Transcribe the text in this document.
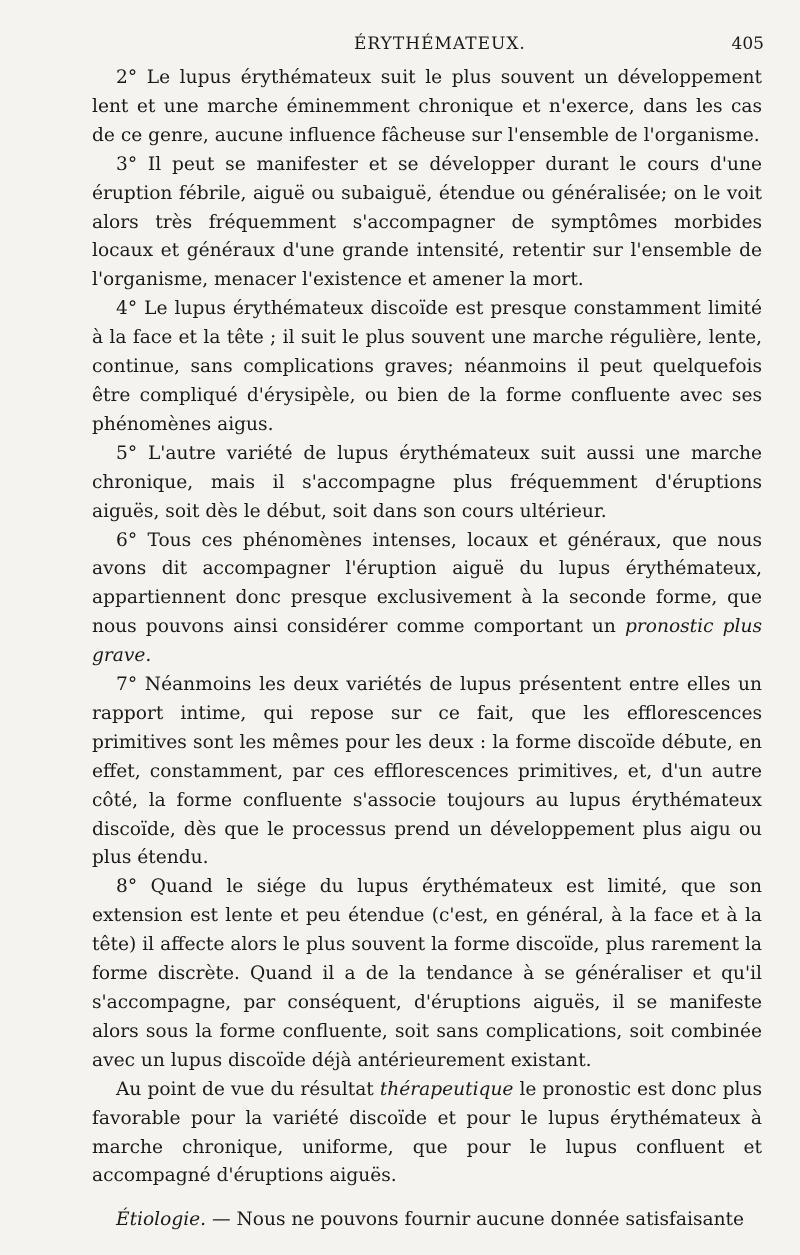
ÉRYTHÉMATEUX.	405

2° Le lupus érythémateux suit le plus souvent un développement lent et une marche éminemment chronique et n'exerce, dans les cas de ce genre, aucune influence fâcheuse sur l'ensemble de l'organisme.

3° Il peut se manifester et se développer durant le cours d'une éruption fébrile, aiguë ou subaiguë, étendue ou généralisée; on le voit alors très fréquemment s'accompagner de symptômes morbides locaux et généraux d'une grande intensité, retentir sur l'ensemble de l'organisme, menacer l'existence et amener la mort.

4° Le lupus érythémateux discoïde est presque constamment limité à la face et la tête ; il suit le plus souvent une marche régulière, lente, continue, sans complications graves; néanmoins il peut quelquefois être compliqué d'érysipèle, ou bien de la forme confluente avec ses phénomènes aigus.

5° L'autre variété de lupus érythémateux suit aussi une marche chronique, mais il s'accompagne plus fréquemment d'éruptions aiguës, soit dès le début, soit dans son cours ultérieur.

6° Tous ces phénomènes intenses, locaux et généraux, que nous avons dit accompagner l'éruption aiguë du lupus érythémateux, appartiennent donc presque exclusivement à la seconde forme, que nous pouvons ainsi considérer comme comportant un pronostic plus grave.

7° Néanmoins les deux variétés de lupus présentent entre elles un rapport intime, qui repose sur ce fait, que les efflorescences primitives sont les mêmes pour les deux : la forme discoïde débute, en effet, constamment, par ces efflorescences primitives, et, d'un autre côté, la forme confluente s'associe toujours au lupus érythémateux discoïde, dès que le processus prend un développement plus aigu ou plus étendu.

8° Quand le siége du lupus érythémateux est limité, que son extension est lente et peu étendue (c'est, en général, à la face et à la tête) il affecte alors le plus souvent la forme discoïde, plus rarement la forme discrète. Quand il a de la tendance à se généraliser et qu'il s'accompagne, par conséquent, d'éruptions aiguës, il se manifeste alors sous la forme confluente, soit sans complications, soit combinée avec un lupus discoïde déjà antérieurement existant.

Au point de vue du résultat thérapeutique le pronostic est donc plus favorable pour la variété discoïde et pour le lupus érythémateux à marche chronique, uniforme, que pour le lupus confluent et accompagné d'éruptions aiguës.

Étiologie. — Nous ne pouvons fournir aucune donnée satisfaisante
